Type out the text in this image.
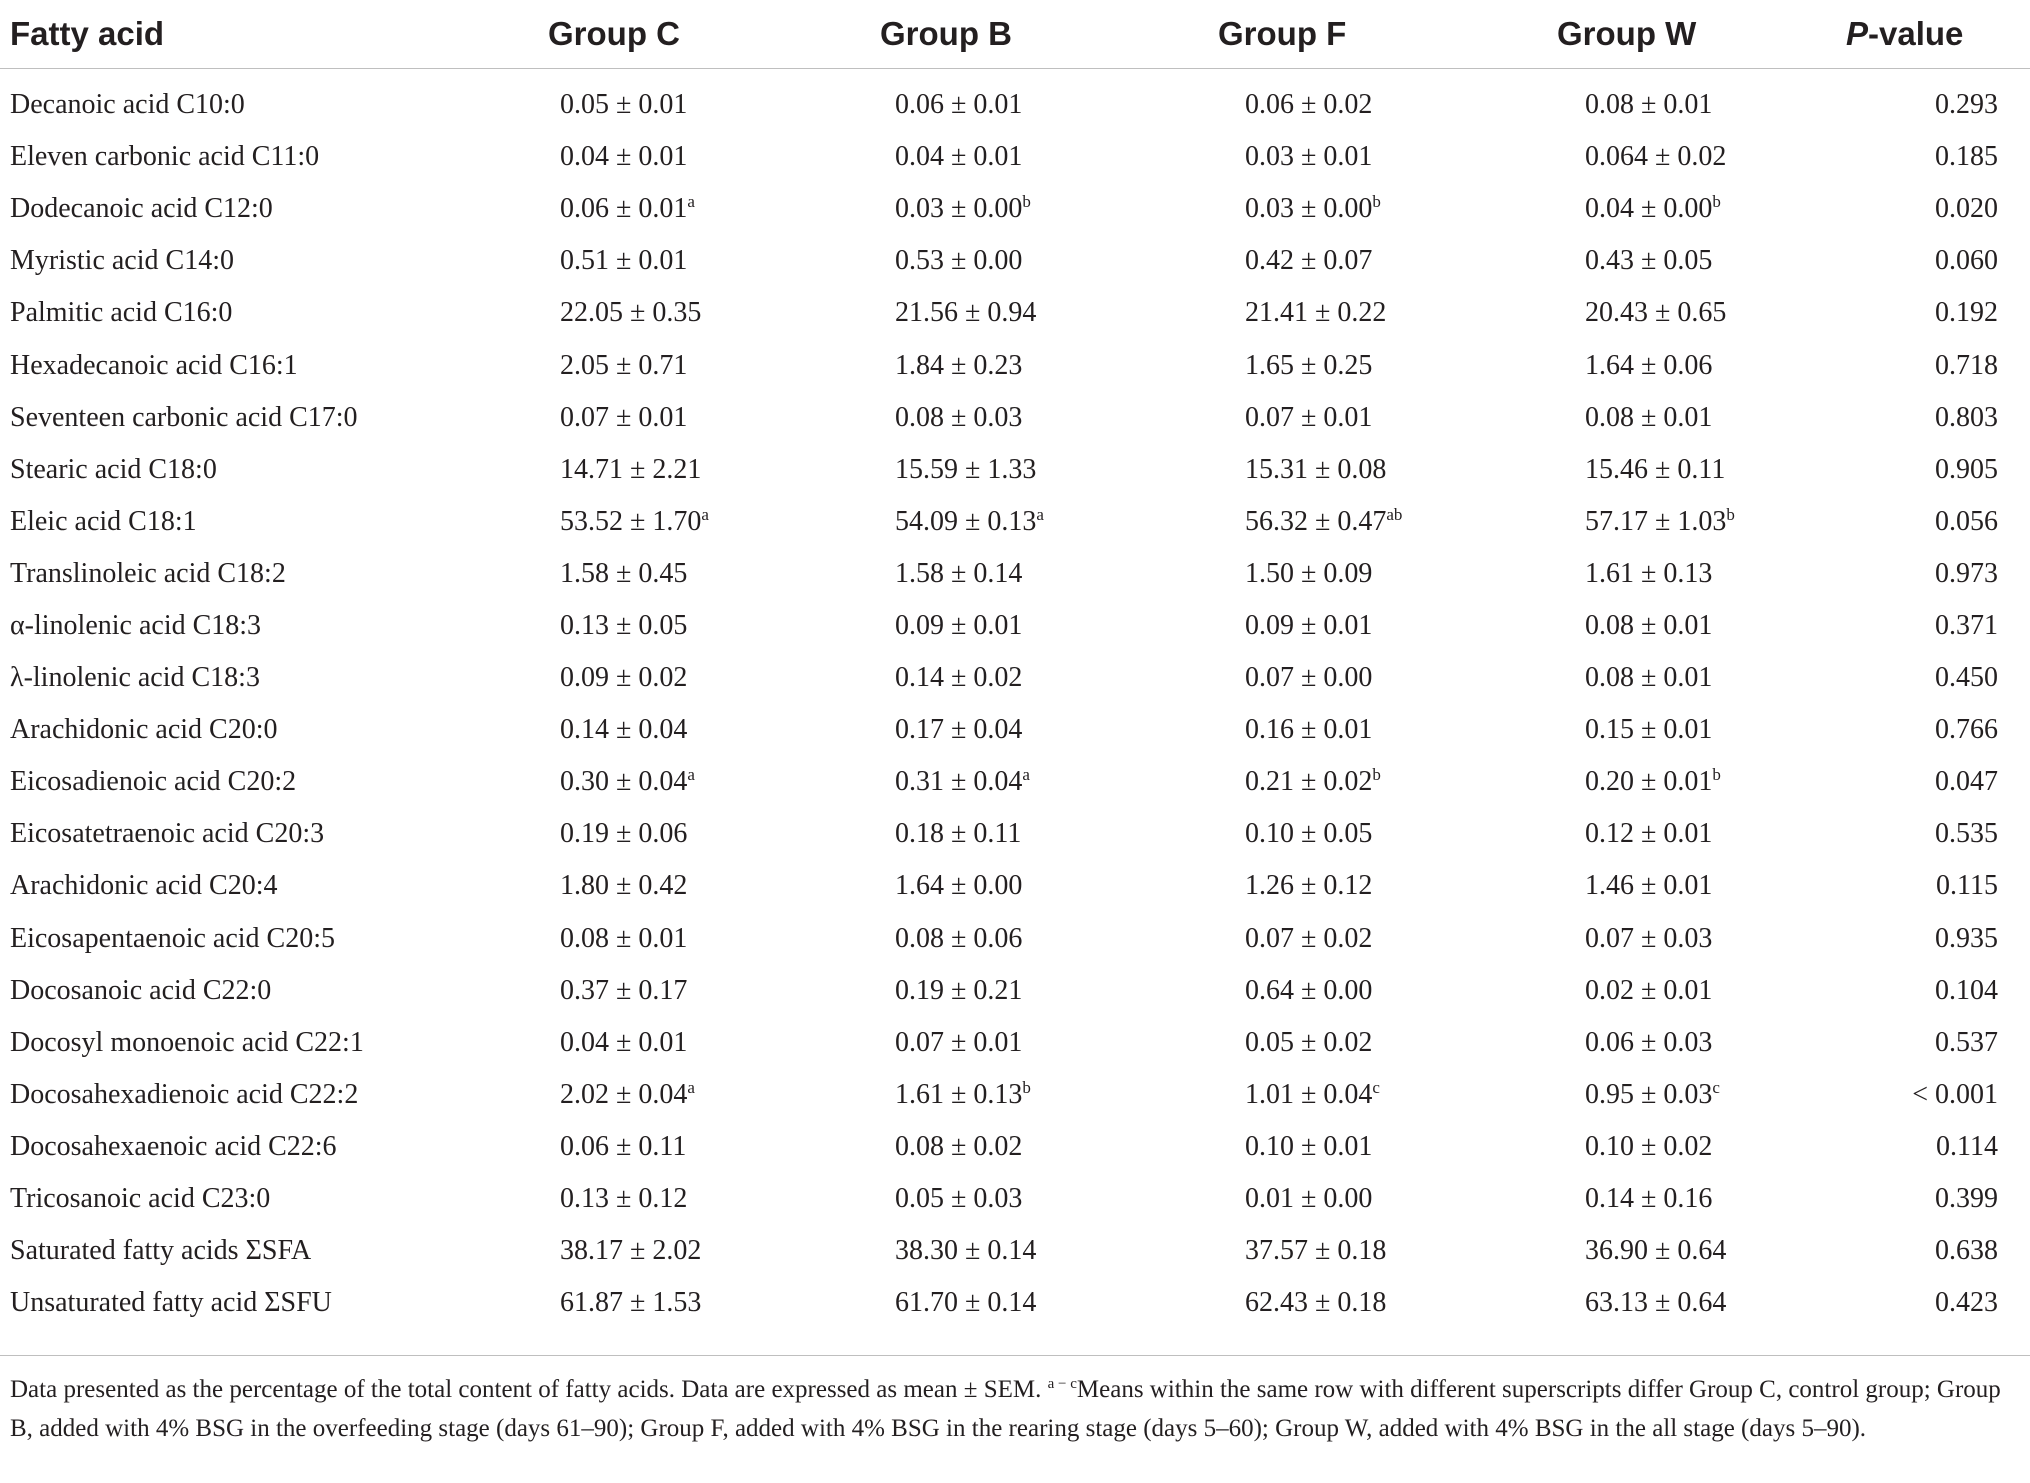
Fatty acid	Group C	Group B	Group F	Group W	P-value
Decanoic acid C10:0	0.05 ± 0.01	0.06 ± 0.01	0.06 ± 0.02	0.08 ± 0.01	0.293
Eleven carbonic acid C11:0	0.04 ± 0.01	0.04 ± 0.01	0.03 ± 0.01	0.064 ± 0.02	0.185
Dodecanoic acid C12:0	0.06 ± 0.01$^a$	0.03 ± 0.00$^b$	0.03 ± 0.00$^b$	0.04 ± 0.00$^b$	0.020
Myristic acid C14:0	0.51 ± 0.01	0.53 ± 0.00	0.42 ± 0.07	0.43 ± 0.05	0.060
Palmitic acid C16:0	22.05 ± 0.35	21.56 ± 0.94	21.41 ± 0.22	20.43 ± 0.65	0.192
Hexadecanoic acid C16:1	2.05 ± 0.71	1.84 ± 0.23	1.65 ± 0.25	1.64 ± 0.06	0.718
Seventeen carbonic acid C17:0	0.07 ± 0.01	0.08 ± 0.03	0.07 ± 0.01	0.08 ± 0.01	0.803
Stearic acid C18:0	14.71 ± 2.21	15.59 ± 1.33	15.31 ± 0.08	15.46 ± 0.11	0.905
Eleic acid C18:1	53.52 ± 1.70$^a$	54.09 ± 0.13$^a$	56.32 ± 0.47$^{ab}$	57.17 ± 1.03$^b$	0.056
Translinoleic acid C18:2	1.58 ± 0.45	1.58 ± 0.14	1.50 ± 0.09	1.61 ± 0.13	0.973
α-linolenic acid C18:3	0.13 ± 0.05	0.09 ± 0.01	0.09 ± 0.01	0.08 ± 0.01	0.371
λ-linolenic acid C18:3	0.09 ± 0.02	0.14 ± 0.02	0.07 ± 0.00	0.08 ± 0.01	0.450
Arachidonic acid C20:0	0.14 ± 0.04	0.17 ± 0.04	0.16 ± 0.01	0.15 ± 0.01	0.766
Eicosadienoic acid C20:2	0.30 ± 0.04$^a$	0.31 ± 0.04$^a$	0.21 ± 0.02$^b$	0.20 ± 0.01$^b$	0.047
Eicosatetraenoic acid C20:3	0.19 ± 0.06	0.18 ± 0.11	0.10 ± 0.05	0.12 ± 0.01	0.535
Arachidonic acid C20:4	1.80 ± 0.42	1.64 ± 0.00	1.26 ± 0.12	1.46 ± 0.01	0.115
Eicosapentaenoic acid C20:5	0.08 ± 0.01	0.08 ± 0.06	0.07 ± 0.02	0.07 ± 0.03	0.935
Docosanoic acid C22:0	0.37 ± 0.17	0.19 ± 0.21	0.64 ± 0.00	0.02 ± 0.01	0.104
Docosyl monoenoic acid C22:1	0.04 ± 0.01	0.07 ± 0.01	0.05 ± 0.02	0.06 ± 0.03	0.537
Docosahexadienoic acid C22:2	2.02 ± 0.04$^a$	1.61 ± 0.13$^b$	1.01 ± 0.04$^c$	0.95 ± 0.03$^c$	< 0.001
Docosahexaenoic acid C22:6	0.06 ± 0.11	0.08 ± 0.02	0.10 ± 0.01	0.10 ± 0.02	0.114
Tricosanoic acid C23:0	0.13 ± 0.12	0.05 ± 0.03	0.01 ± 0.00	0.14 ± 0.16	0.399
Saturated fatty acids ΣSFA	38.17 ± 2.02	38.30 ± 0.14	37.57 ± 0.18	36.90 ± 0.64	0.638
Unsaturated fatty acid ΣSFU	61.87 ± 1.53	61.70 ± 0.14	62.43 ± 0.18	63.13 ± 0.64	0.423
Data presented as the percentage of the total content of fatty acids. Data are expressed as mean ± SEM. $^{a - c}$Means within the same row with different superscripts differ Group C, control group; Group B, added with 4% BSG in the overfeeding stage (days 61–90); Group F, added with 4% BSG in the rearing stage (days 5–60); Group W, added with 4% BSG in the all stage (days 5–90).
